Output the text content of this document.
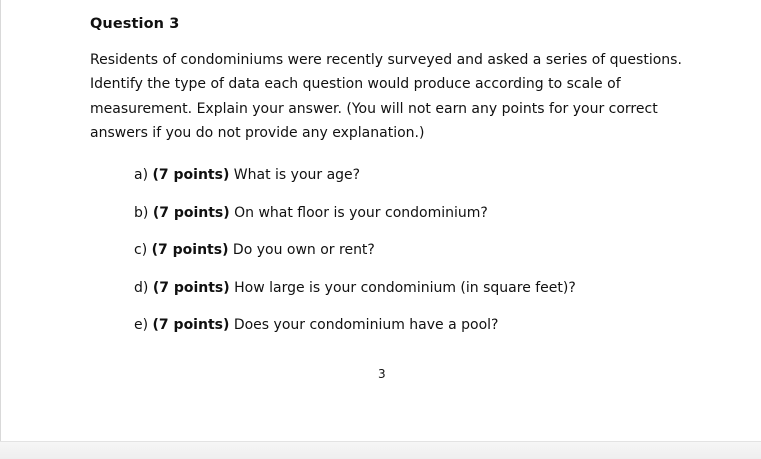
Question 3
Residents of condominiums were recently surveyed and asked a series of questions.
Identify the type of data each question would produce according to scale of
measurement. Explain your answer. (You will not earn any points for your correct
answers if you do not provide any explanation.)
a) (7 points) What is your age?
b) (7 points) On what floor is your condominium?
c) (7 points) Do you own or rent?
d) (7 points) How large is your condominium (in square feet)?
e) (7 points) Does your condominium have a pool?
3
